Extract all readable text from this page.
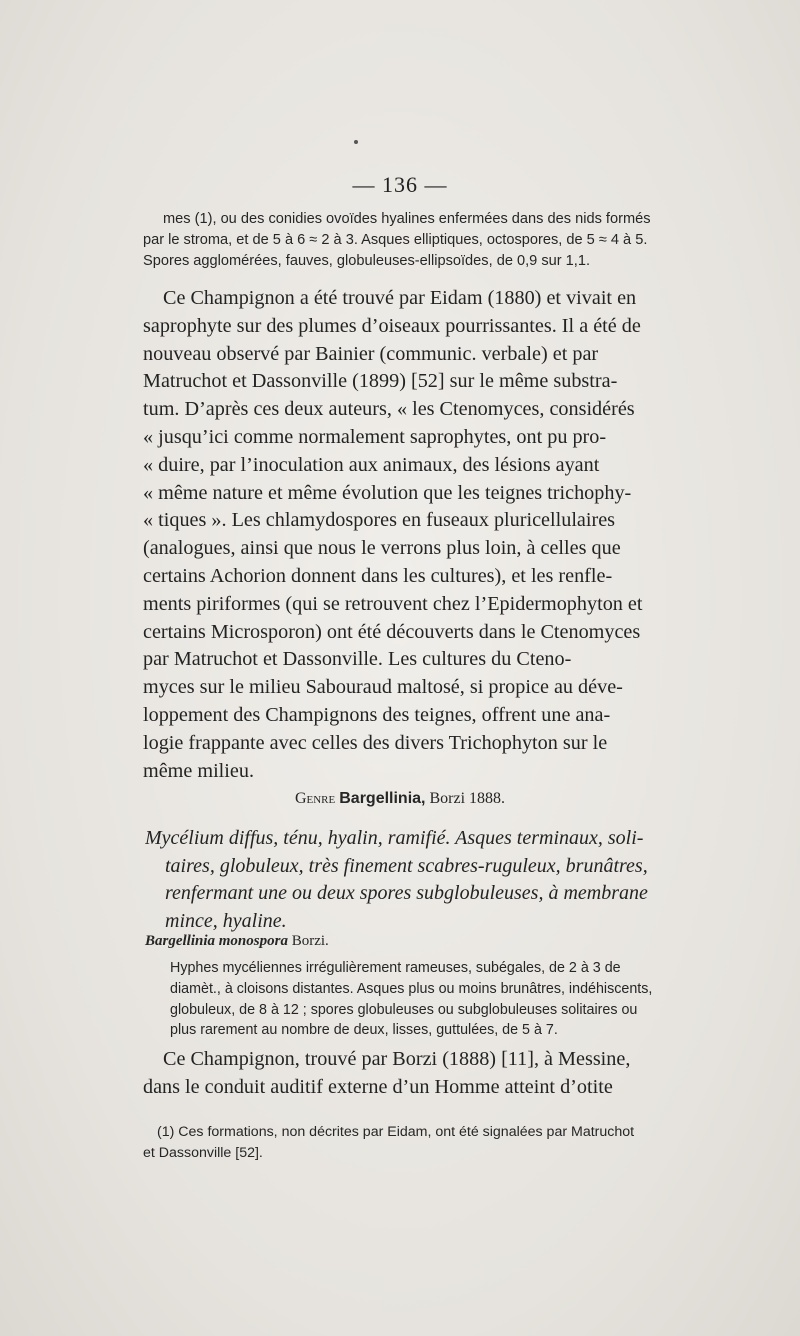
— 136 —
mes (1), ou des conidies ovoïdes hyalines enfermées dans des nids formés
par le stroma, et de 5 à 6 ≈ 2 à 3. Asques elliptiques, octospores, de 5 ≈ 4 à 5.
Spores agglomérées, fauves, globuleuses-ellipsoïdes, de 0,9 sur 1,1.
Ce Champignon a été trouvé par Eidam (1880) et vivait en
saprophyte sur des plumes d’oiseaux pourrissantes. Il a été de
nouveau observé par Bainier (communic. verbale) et par
Matruchot et Dassonville (1899) [52] sur le même substra-
tum. D’après ces deux auteurs, « les Ctenomyces, considérés
« jusqu’ici comme normalement saprophytes, ont pu pro-
« duire, par l’inoculation aux animaux, des lésions ayant
« même nature et même évolution que les teignes trichophy-
« tiques ». Les chlamydospores en fuseaux pluricellulaires
(analogues, ainsi que nous le verrons plus loin, à celles que
certains Achorion donnent dans les cultures), et les renfle-
ments piriformes (qui se retrouvent chez l’Epidermophyton et
certains Microsporon) ont été découverts dans le Ctenomyces
par Matruchot et Dassonville. Les cultures du Cteno-
myces sur le milieu Sabouraud maltosé, si propice au déve-
loppement des Champignons des teignes, offrent une ana-
logie frappante avec celles des divers Trichophyton sur le
même milieu.
Genre Bargellinia, Borzi 1888.
Mycélium diffus, ténu, hyalin, ramifié. Asques terminaux, soli-
taires, globuleux, très finement scabres-ruguleux, brunâtres,
renfermant une ou deux spores subglobuleuses, à membrane
mince, hyaline.
Bargellinia monospora Borzi.
Hyphes mycéliennes irrégulièrement rameuses, subégales, de 2 à 3 de
diamèt., à cloisons distantes. Asques plus ou moins brunâtres, indéhiscents,
globuleux, de 8 à 12 ; spores globuleuses ou subglobuleuses solitaires ou
plus rarement au nombre de deux, lisses, guttulées, de 5 à 7.
Ce Champignon, trouvé par Borzi (1888) [11], à Messine,
dans le conduit auditif externe d’un Homme atteint d’otite
(1) Ces formations, non décrites par Eidam, ont été signalées par Matruchot
et Dassonville [52].
